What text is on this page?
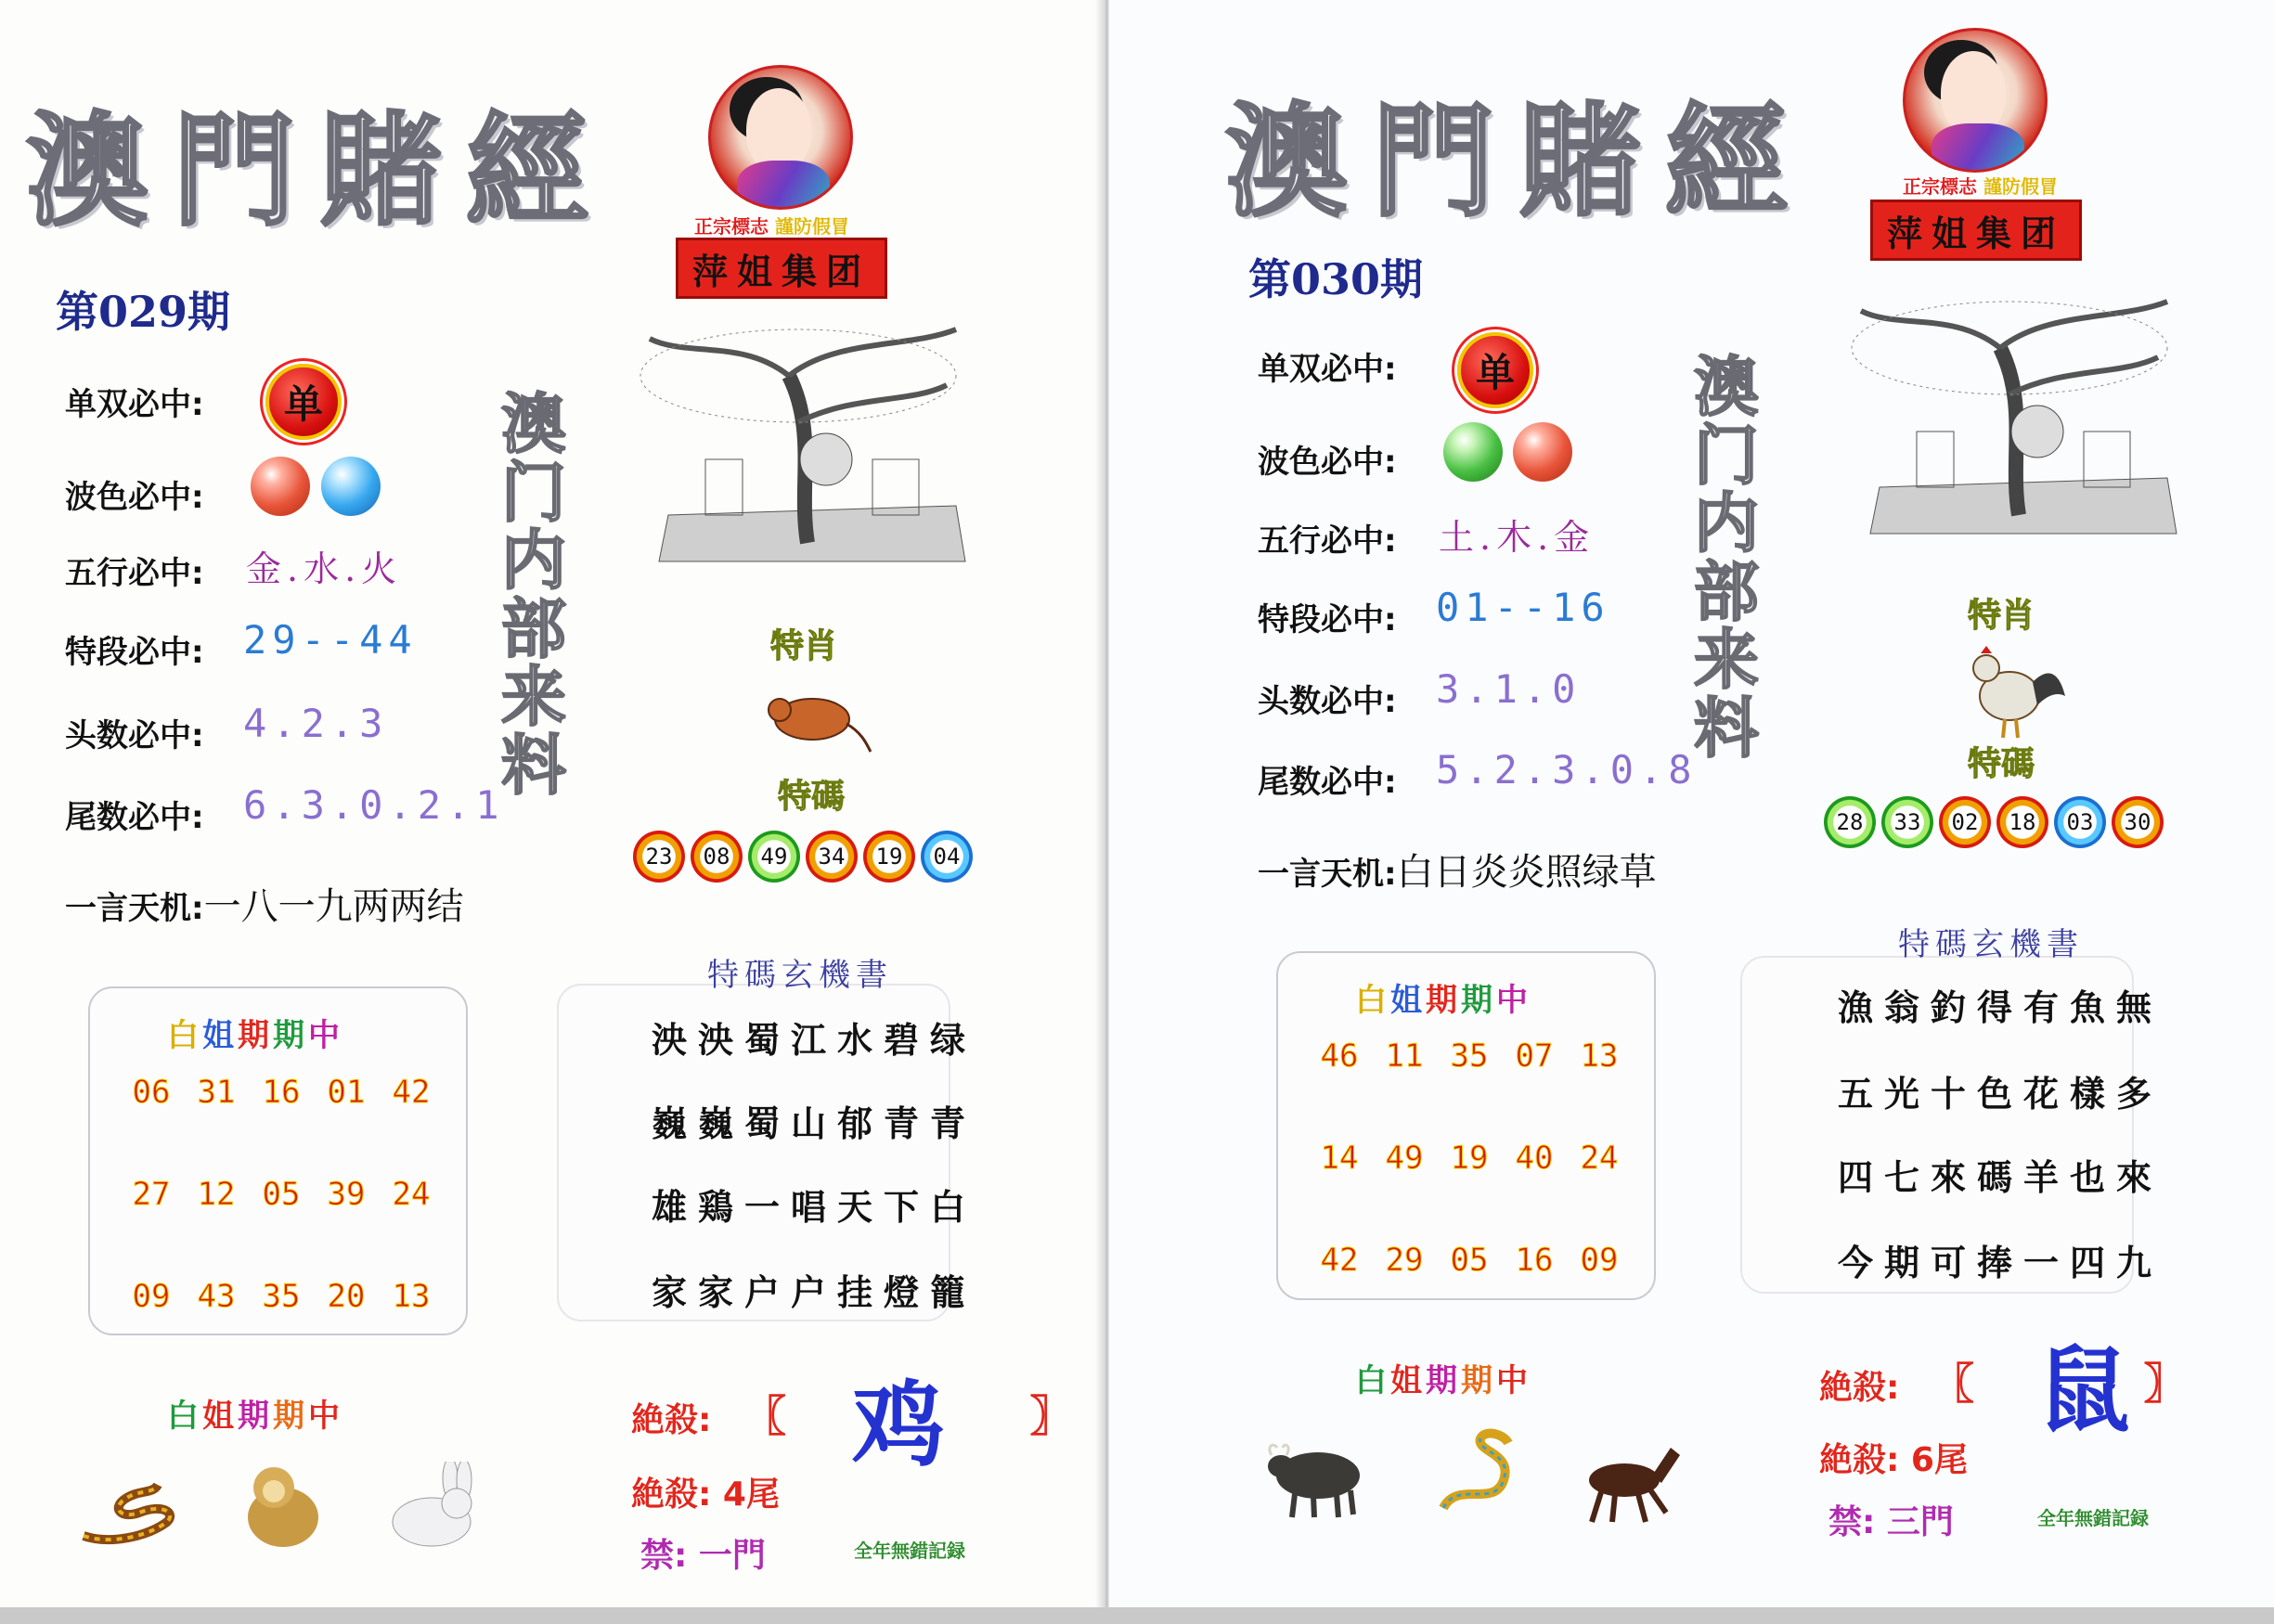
澳門賭經	正宗標志 謹防假冒
萍姐集团
第029期
单双必中:	单
波色必中:
五行必中: 金.水.火
特段必中: 29--44
头数必中: 4.2.3
尾数必中: 6.3.0.2.1
澳
门
内
部
来
料
特肖
特碼
23	08	49	34	19	04
一言天机:一八一九两两结
白姐期期中
06 31 16 01 42
27 12 05 39 24
09 43 35 20 13
特碼玄機書
泱泱蜀江水碧绿
巍巍蜀山郁青青
雄鶏一唱天下白
家家户户挂燈籠
白姐期期中	絶殺: 〖	〗
鸡
絶殺: 4尾
禁: 一門	全年無錯記録
澳門賭經	正宗標志 謹防假冒
萍姐集团
第030期
单双必中:	单
波色必中:
五行必中: 土.木.金
特段必中: 01--16
头数必中: 3.1.0
尾数必中: 5.2.3.0.8
澳
门
内
部
来
料
特肖
特碼
28	33	02	18	03	30
一言天机:白日炎炎照绿草
白姐期期中
46 11 35 07 13
14 49 19 40 24
42 29 05 16 09
特碼玄機書
漁翁釣得有魚無
五光十色花樣多
四七來碼羊也來
今期可捧一四九
白姐期期中	絶殺: 〖	〗
鼠
絶殺: 6尾
禁: 三門	全年無錯記録
